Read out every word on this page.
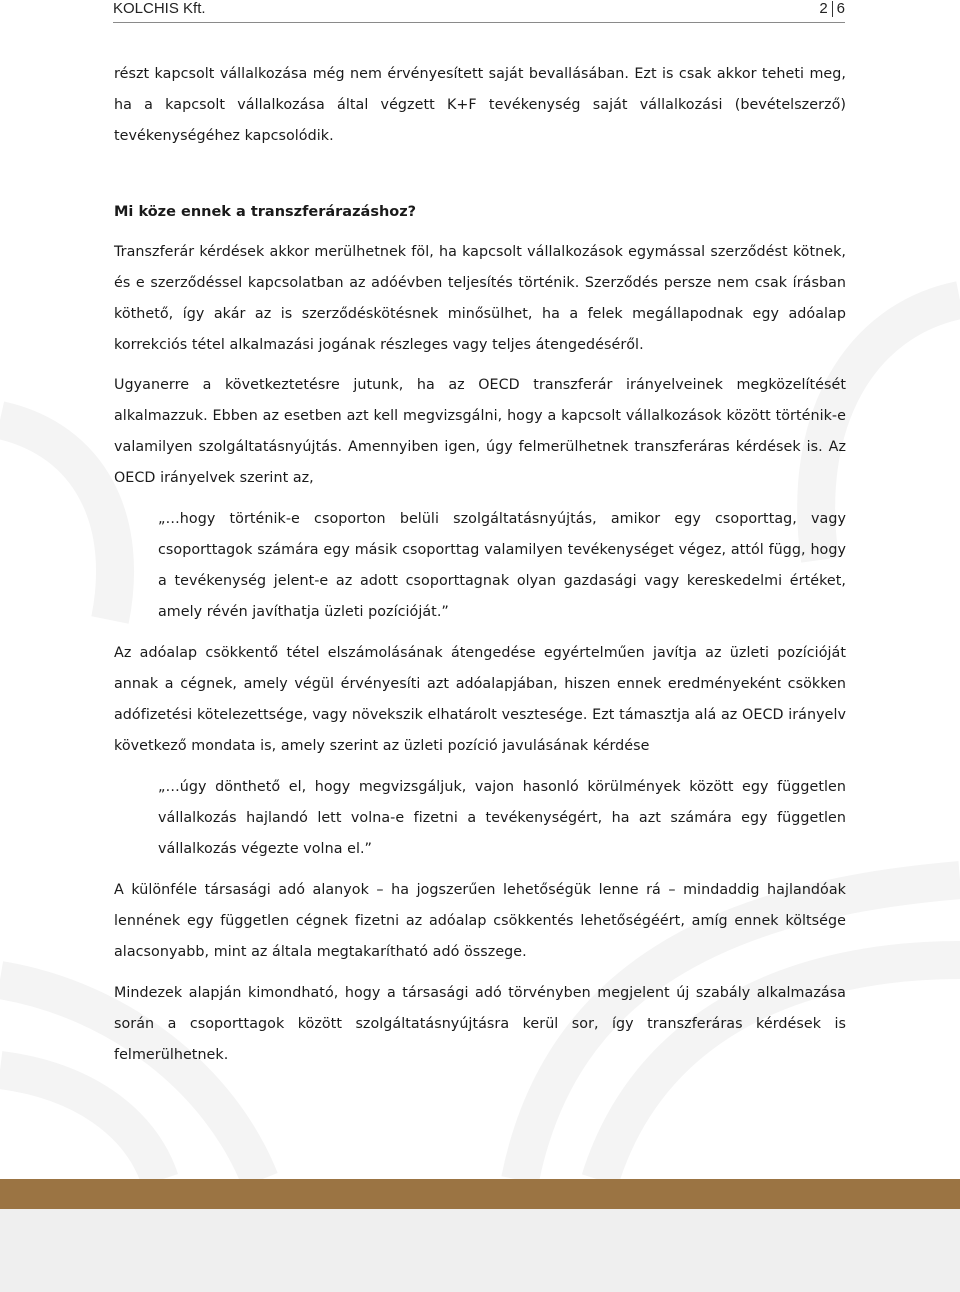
KOLCHIS Kft.	2 6

részt kapcsolt vállalkozása még nem érvényesített saját bevallásában. Ezt is csak akkor teheti meg, ha a kapcsolt vállalkozása által végzett K+F tevékenység saját vállalkozási (bevételszerző) tevékenységéhez kapcsolódik.

Mi köze ennek a transzferárazáshoz?

Transzferár kérdések akkor merülhetnek föl, ha kapcsolt vállalkozások egymással szerződést kötnek, és e szerződéssel kapcsolatban az adóévben teljesítés történik. Szerződés persze nem csak írásban köthető, így akár az is szerződéskötésnek minősülhet, ha a felek megállapodnak egy adóalap korrekciós tétel alkalmazási jogának részleges vagy teljes átengedéséről.

Ugyanerre a következtetésre jutunk, ha az OECD transzferár irányelveinek megközelítését alkalmazzuk. Ebben az esetben azt kell megvizsgálni, hogy a kapcsolt vállalkozások között történik-e valamilyen szolgáltatásnyújtás. Amennyiben igen, úgy felmerülhetnek transzferáras kérdések is. Az OECD irányelvek szerint az,

„…hogy történik-e csoporton belüli szolgáltatásnyújtás, amikor egy csoporttag, vagy csoporttagok számára egy másik csoporttag valamilyen tevékenységet végez, attól függ, hogy a tevékenység jelent-e az adott csoporttagnak olyan gazdasági vagy kereskedelmi értéket, amely révén javíthatja üzleti pozícióját.”

Az adóalap csökkentő tétel elszámolásának átengedése egyértelműen javítja az üzleti pozícióját annak a cégnek, amely végül érvényesíti azt adóalapjában, hiszen ennek eredményeként csökken adófizetési kötelezettsége, vagy növekszik elhatárolt vesztesége. Ezt támasztja alá az OECD irányelv következő mondata is, amely szerint az üzleti pozíció javulásának kérdése

„…úgy dönthető el, hogy megvizsgáljuk, vajon hasonló körülmények között egy független vállalkozás hajlandó lett volna-e fizetni a tevékenységért, ha azt számára egy független vállalkozás végezte volna el.”

A különféle társasági adó alanyok – ha jogszerűen lehetőségük lenne rá – mindaddig hajlandóak lennének egy független cégnek fizetni az adóalap csökkentés lehetőségéért, amíg ennek költsége alacsonyabb, mint az általa megtakarítható adó összege.

Mindezek alapján kimondható, hogy a társasági adó törvényben megjelent új szabály alkalmazása során a csoporttagok között szolgáltatásnyújtásra kerül sor, így transzferáras kérdések is felmerülhetnek.
